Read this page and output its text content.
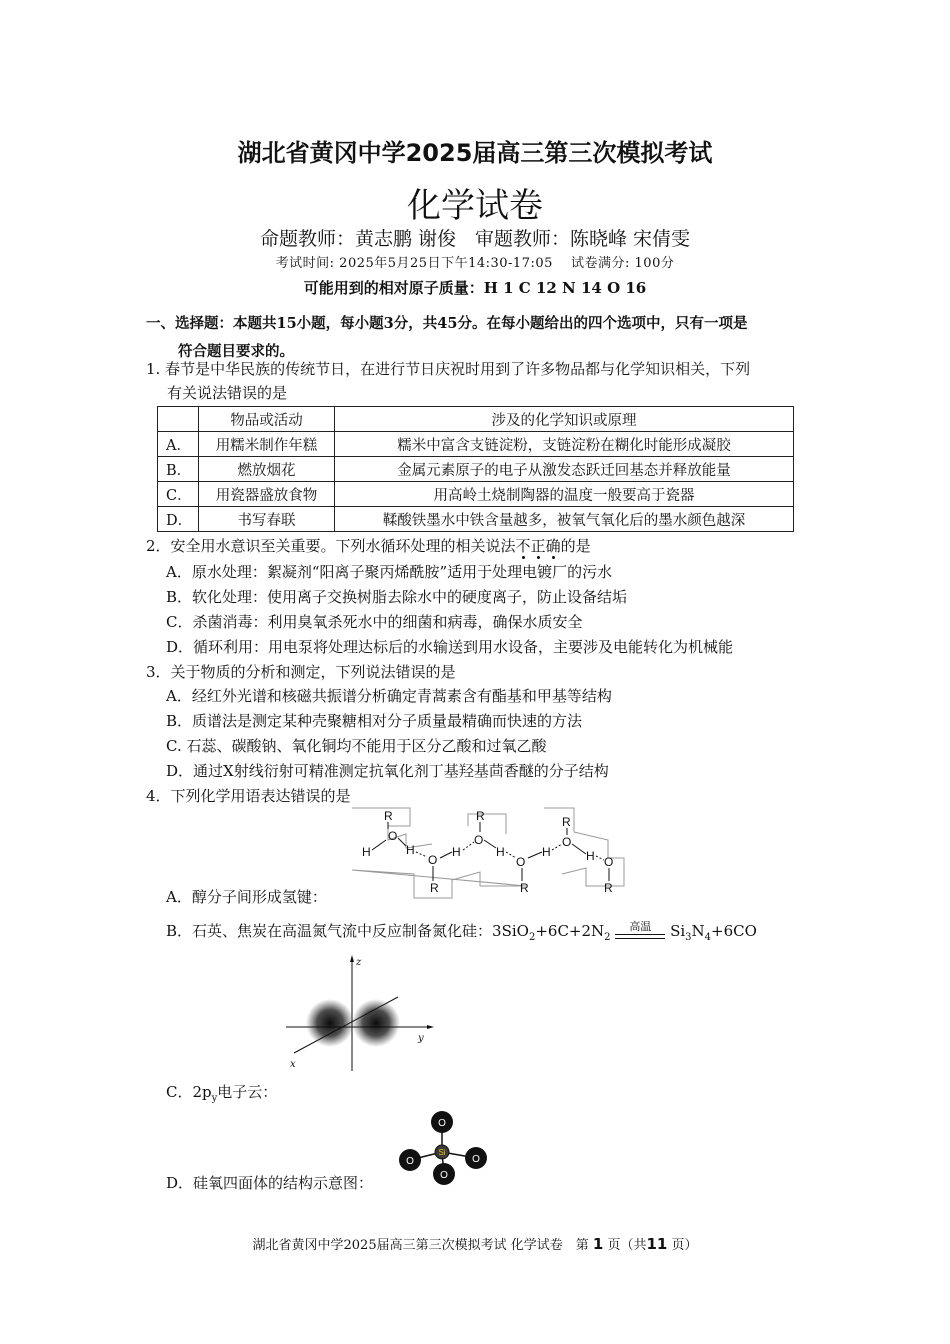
湖北省黄冈中学2025届高三第三次模拟考试
化学试卷
命题教师：黄志鹏 谢俊　审题教师：陈晓峰 宋倩雯
考试时间: 2025年5月25日下午14:30-17:05　 试卷满分: 100分
可能用到的相对原子质量：H 1 C 12 N 14 O 16
一、选择题：本题共15小题，每小题3分，共45分。在每小题给出的四个选项中，只有一项是
符合题目要求的。
1. 春节是中华民族的传统节日，在进行节日庆祝时用到了许多物品都与化学知识相关，下列
有关说法错误的是
	物品或活动	涉及的化学知识或原理
A．	用糯米制作年糕	糯米中富含支链淀粉，支链淀粉在糊化时能形成凝胶
B．	燃放烟花	金属元素原子的电子从激发态跃迁回基态并释放能量
C．	用瓷器盛放食物	用高岭土烧制陶器的温度一般要高于瓷器
D．	书写春联	鞣酸铁墨水中铁含量越多，被氧气氧化后的墨水颜色越深
2．安全用水意识至关重要。下列水循环处理的相关说法不正确的是
A．原水处理：絮凝剂“阳离子聚丙烯酰胺”适用于处理电镀厂的污水
B．软化处理：使用离子交换树脂去除水中的硬度离子，防止设备结垢
C．杀菌消毒：利用臭氧杀死水中的细菌和病毒，确保水质安全
D．循环利用：用电泵将处理达标后的水输送到用水设备，主要涉及电能转化为机械能
3．关于物质的分析和测定，下列说法错误的是
A．经红外光谱和核磁共振谱分析确定青蒿素含有酯基和甲基等结构
B．质谱法是测定某种壳聚糖相对分子质量最精确而快速的方法
C. 石蕊、碳酸钠、氧化铜均不能用于区分乙酸和过氧乙酸
D．通过X射线衍射可精准测定抗氧化剂丁基羟基茴香醚的分子结构
4．下列化学用语表达错误的是
R
O
H	H
O
R
H
R
O
H
O
R
H
R
O
H O
R
A．醇分子间形成氢键：
B．石英、焦炭在高温氮气流中反应制备氮化硅：$3SiO_2+6C+2N_2$ 高温 $Si_3N_4+6CO$
z
y
x
C．$2p_y$电子云：
O
O	O
O
Si
D．硅氧四面体的结构示意图：
湖北省黄冈中学2025届高三第三次模拟考试 化学试卷　第 1 页（共11 页）
